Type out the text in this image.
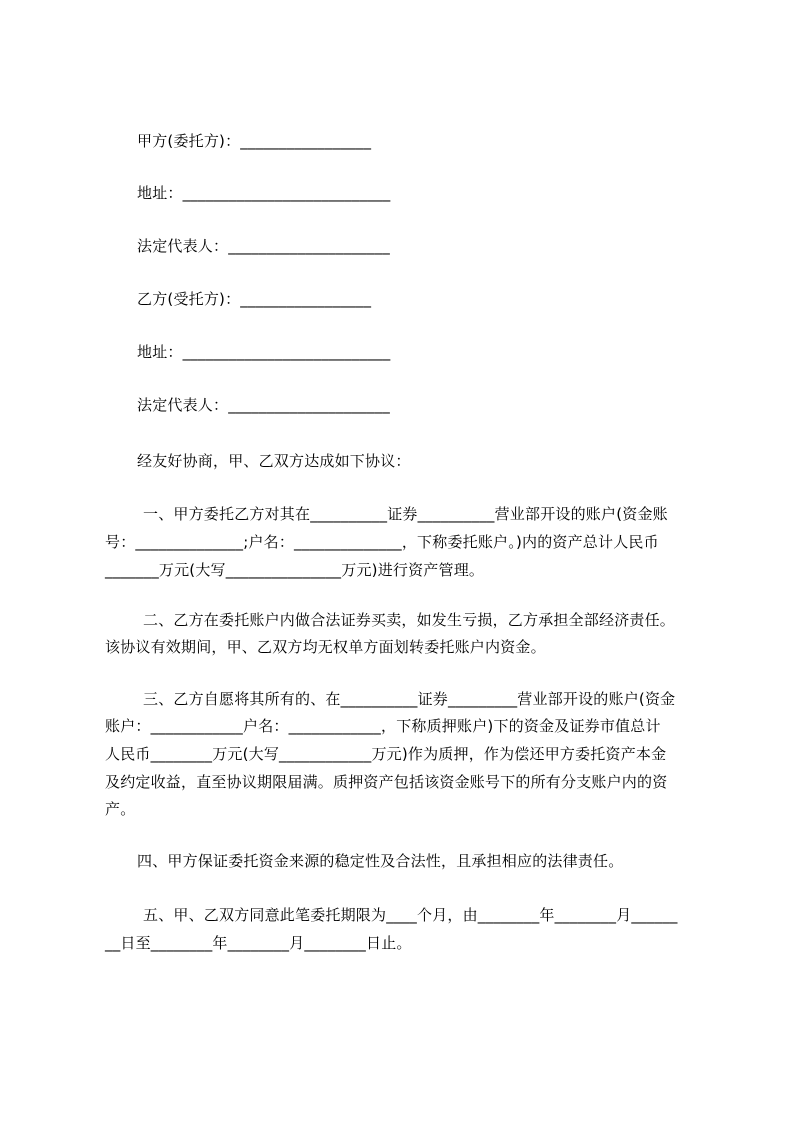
甲方(委托方)：_________________
地址：___________________________
法定代表人：_____________________
乙方(受托方)：_________________
地址：___________________________
法定代表人：_____________________
经友好协商，甲、乙双方达成如下协议：
一、甲方委托乙方对其在__________证券__________营业部开设的账户(资金账
号：______________;户名：______________，下称委托账户。)内的资产总计人民币
_______万元(大写_______________万元)进行资产管理。
二、乙方在委托账户内做合法证券买卖，如发生亏损，乙方承担全部经济责任。
该协议有效期间，甲、乙双方均无权单方面划转委托账户内资金。
三、乙方自愿将其所有的、在__________证券_________营业部开设的账户(资金
账户：____________户名：____________，下称质押账户)下的资金及证券市值总计
人民币________万元(大写____________万元)作为质押，作为偿还甲方委托资产本金
及约定收益，直至协议期限届满。质押资产包括该资金账号下的所有分支账户内的资
产。
四、甲方保证委托资金来源的稳定性及合法性，且承担相应的法律责任。
五、甲、乙双方同意此笔委托期限为____个月，由________年________月______
__日至________年________月________日止。
